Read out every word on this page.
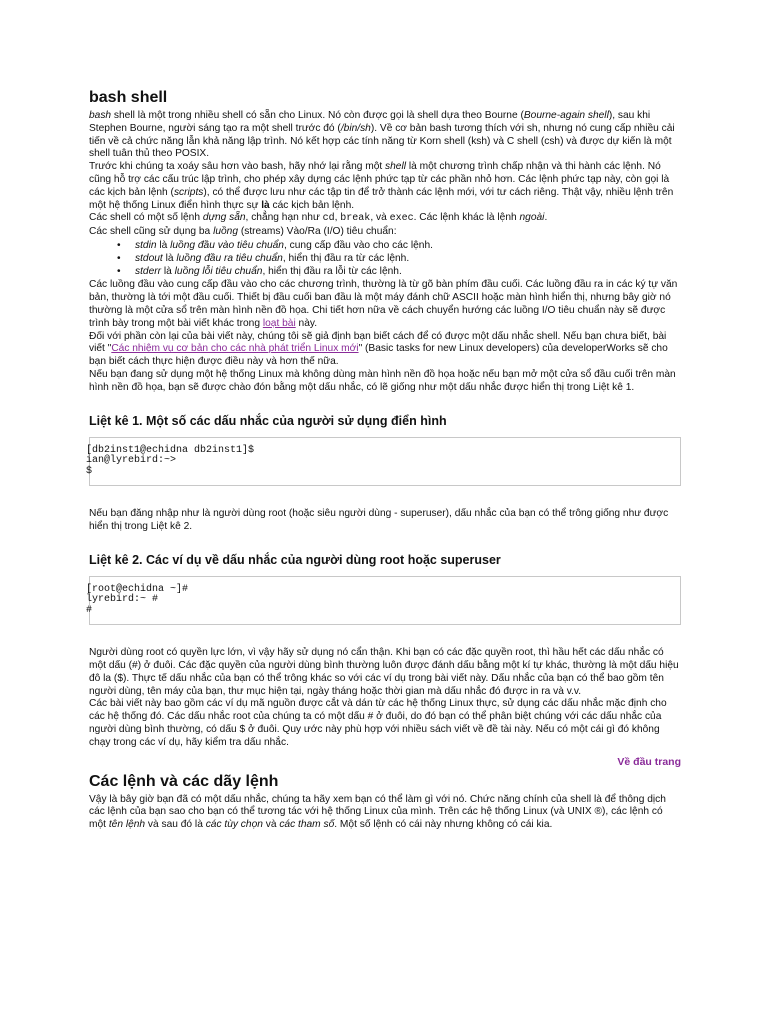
bash shell

bash shell là một trong nhiều shell có sẵn cho Linux. Nó còn được gọi là shell dựa theo Bourne (Bourne-again shell), sau khi Stephen Bourne, người sáng tạo ra một shell trước đó (/bin/sh). Về cơ bản bash tương thích với sh, nhưng nó cung cấp nhiều cải tiến về cả chức năng lẫn khả năng lập trình. Nó kết hợp các tính năng từ Korn shell (ksh) và C shell (csh) và được dự kiến là một shell tuân thủ theo POSIX.

Trước khi chúng ta xoáy sâu hơn vào bash, hãy nhớ lại rằng một shell là một chương trình chấp nhận và thi hành các lệnh. Nó cũng hỗ trợ các cấu trúc lập trình, cho phép xây dựng các lệnh phức tạp từ các phần nhỏ hơn. Các lệnh phức tạp này, còn gọi là các kịch bản lệnh (scripts), có thể được lưu như các tập tin để trở thành các lệnh mới, với tư cách riêng. Thật vậy, nhiều lệnh trên một hệ thống Linux điển hình thực sự là các kịch bản lệnh.

Các shell có một số lệnh dựng sẵn, chẳng hạn như cd, break, và exec. Các lệnh khác là lệnh ngoài.

Các shell cũng sử dụng ba luồng (streams) Vào/Ra (I/O) tiêu chuẩn:

• stdin là luồng đầu vào tiêu chuẩn, cung cấp đầu vào cho các lệnh.
• stdout là luồng đầu ra tiêu chuẩn, hiển thị đầu ra từ các lệnh.
• stderr là luồng lỗi tiêu chuẩn, hiển thị đầu ra lỗi từ các lệnh.

Các luồng đầu vào cung cấp đầu vào cho các chương trình, thường là từ gõ bàn phím đầu cuối. Các luồng đầu ra in các ký tự văn bản, thường là tới một đầu cuối. Thiết bị đầu cuối ban đầu là một máy đánh chữ ASCII hoặc màn hình hiển thị, nhưng bây giờ nó thường là một cửa sổ trên màn hình nền đồ họa. Chi tiết hơn nữa về cách chuyển hướng các luồng I/O tiêu chuẩn này sẽ được trình bày trong một bài viết khác trong loạt bài này.

Đối với phần còn lại của bài viết này, chúng tôi sẽ giả định bạn biết cách để có được một dấu nhắc shell. Nếu bạn chưa biết, bài viết "Các nhiệm vụ cơ bản cho các nhà phát triển Linux mới" (Basic tasks for new Linux developers) của developerWorks sẽ cho bạn biết cách thực hiện được điều này và hơn thế nữa.

Nếu bạn đang sử dụng một hệ thống Linux mà không dùng màn hình nền đồ họa hoặc nếu bạn mở một cửa sổ đầu cuối trên màn hình nền đồ họa, bạn sẽ được chào đón bằng một dấu nhắc, có lẽ giống như một dấu nhắc được hiển thị trong Liệt kê 1.

Liệt kê 1. Một số các dấu nhắc của người sử dụng điển hình
[db2inst1@echidna db2inst1]$
ian@lyrebird:~>
$

Nếu bạn đăng nhập như là người dùng root (hoặc siêu người dùng - superuser), dấu nhắc của bạn có thể trông giống như được hiển thị trong Liệt kê 2.

Liệt kê 2. Các ví dụ về dấu nhắc của người dùng root hoặc superuser
[root@echidna ~]#
lyrebird:~ #
#

Người dùng root có quyền lực lớn, vì vậy hãy sử dụng nó cẩn thận. Khi bạn có các đặc quyền root, thì hầu hết các dấu nhắc có một dấu (#) ở đuôi. Các đặc quyền của người dùng bình thường luôn được đánh dấu bằng một kí tự khác, thường là một dấu hiệu đô la ($). Thực tế dấu nhắc của bạn có thể trông khác so với các ví dụ trong bài viết này. Dấu nhắc của bạn có thể bao gồm tên người dùng, tên máy của bạn, thư mục hiện tại, ngày tháng hoặc thời gian mà dấu nhắc đó được in ra và v.v.

Các bài viết này bao gồm các ví dụ mã nguồn được cắt và dán từ các hệ thống Linux thực, sử dụng các dấu nhắc mặc định cho các hệ thống đó. Các dấu nhắc root của chúng ta có một dấu # ở đuôi, do đó bạn có thể phân biệt chúng với các dấu nhắc của người dùng bình thường, có dấu $ ở đuôi. Quy ước này phù hợp với nhiều sách viết về đề tài này. Nếu có một cái gì đó không chạy trong các ví dụ, hãy kiểm tra dấu nhắc.

Về đầu trang
Các lệnh và các dãy lệnh

Vậy là bây giờ bạn đã có một dấu nhắc, chúng ta hãy xem bạn có thể làm gì với nó. Chức năng chính của shell là để thông dịch các lệnh của bạn sao cho bạn có thể tương tác với hệ thống Linux của mình. Trên các hệ thống Linux (và UNIX ®), các lệnh có một tên lệnh và sau đó là các tùy chọn và các tham số. Một số lệnh có cái này nhưng không có cái kia.
